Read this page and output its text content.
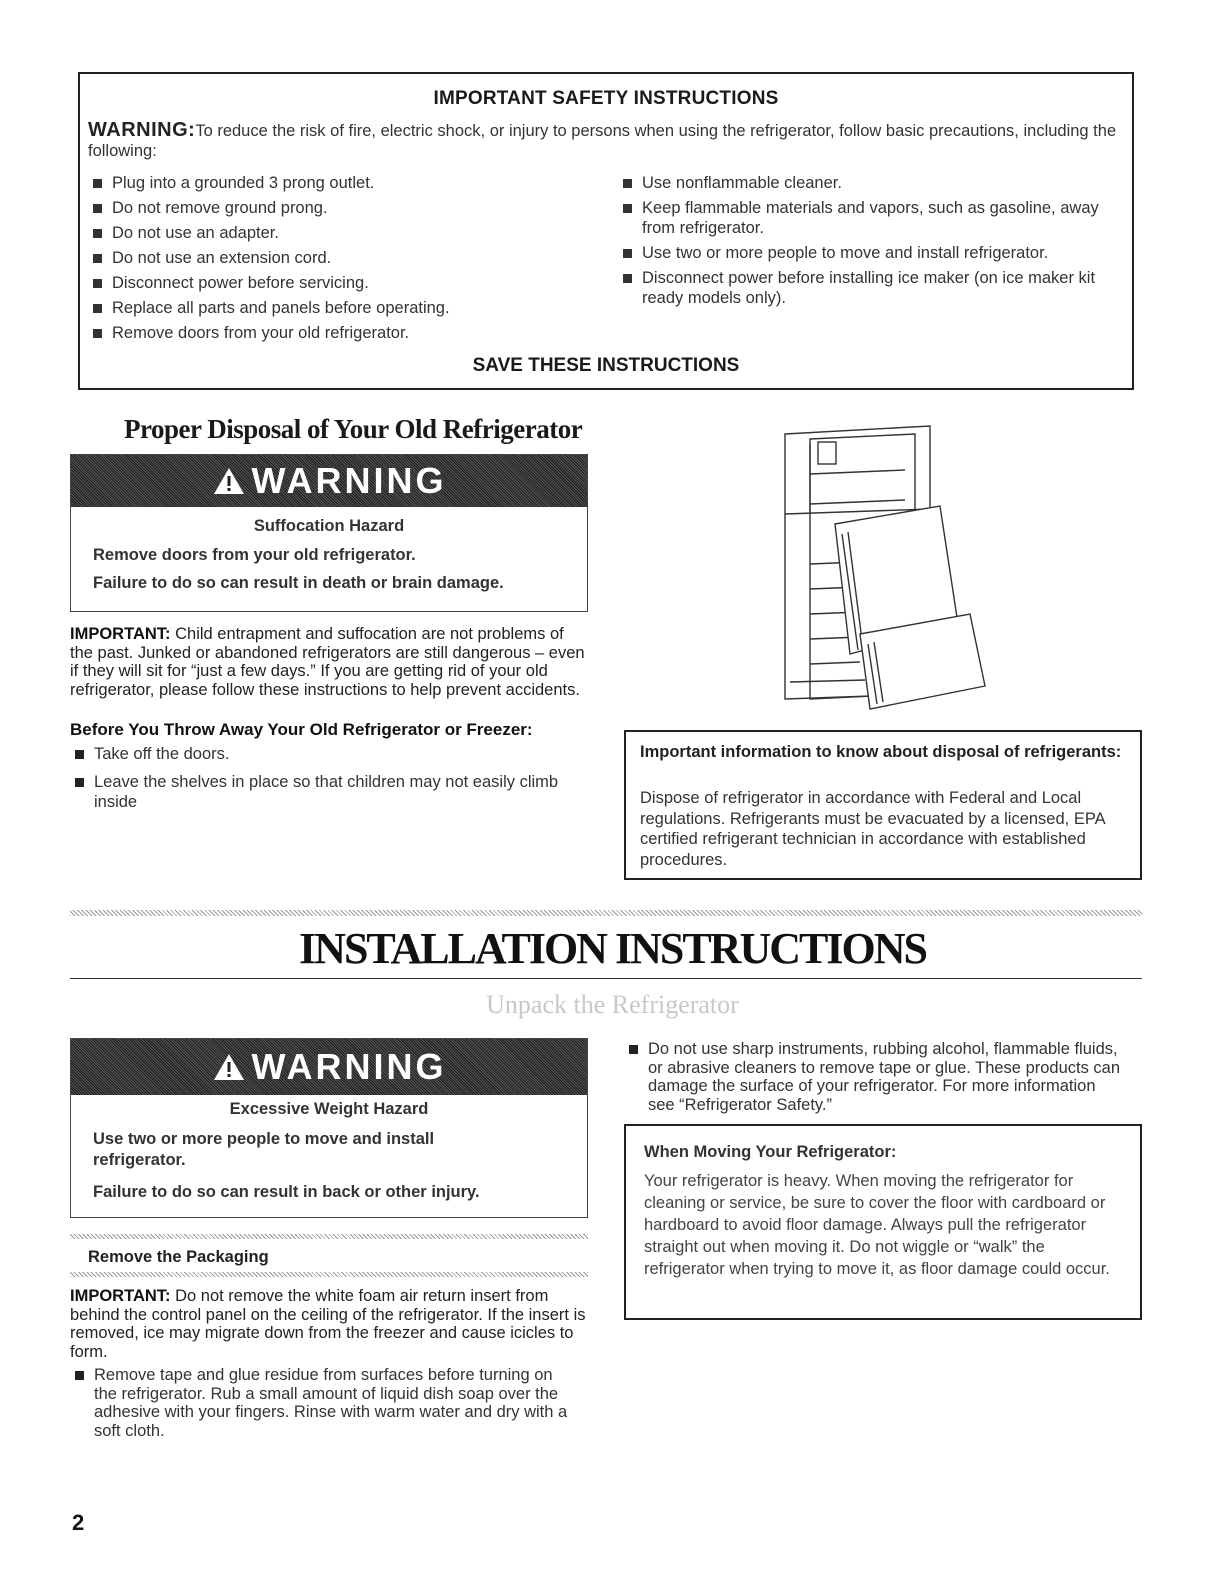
IMPORTANT SAFETY INSTRUCTIONS
WARNING:To reduce the risk of fire, electric shock, or injury to persons when using the refrigerator, follow basic precautions, including the following:
Plug into a grounded 3 prong outlet.
Do not remove ground prong.
Do not use an adapter.
Do not use an extension cord.
Disconnect power before servicing.
Replace all parts and panels before operating.
Remove doors from your old refrigerator.
Use nonflammable cleaner.
Keep flammable materials and vapors, such as gasoline, away from refrigerator.
Use two or more people to move and install refrigerator.
Disconnect power before installing ice maker (on ice maker kit ready models only).
SAVE THESE INSTRUCTIONS
Proper Disposal of Your Old Refrigerator
WARNING
Suffocation Hazard
Remove doors from your old refrigerator.
Failure to do so can result in death or brain damage.
IMPORTANT: Child entrapment and suffocation are not problems of the past. Junked or abandoned refrigerators are still dangerous – even if they will sit for “just a few days.” If you are getting rid of your old refrigerator, please follow these instructions to help prevent accidents.
Before You Throw Away Your Old Refrigerator or Freezer:
Take off the doors.
Leave the shelves in place so that children may not easily climb inside
Important information to know about disposal of refrigerants:
Dispose of refrigerator in accordance with Federal and Local regulations. Refrigerants must be evacuated by a licensed, EPA certified refrigerant technician in accordance with established procedures.
INSTALLATION INSTRUCTIONS
Unpack the Refrigerator
WARNING
Excessive Weight Hazard
Use two or more people to move and install refrigerator.
Failure to do so can result in back or other injury.
Remove the Packaging
IMPORTANT: Do not remove the white foam air return insert from behind the control panel on the ceiling of the refrigerator. If the insert is removed, ice may migrate down from the freezer and cause icicles to form.
Remove tape and glue residue from surfaces before turning on the refrigerator. Rub a small amount of liquid dish soap over the adhesive with your fingers. Rinse with warm water and dry with a soft cloth.
Do not use sharp instruments, rubbing alcohol, flammable fluids, or abrasive cleaners to remove tape or glue. These products can damage the surface of your refrigerator. For more information see “Refrigerator Safety.”
When Moving Your Refrigerator:
Your refrigerator is heavy. When moving the refrigerator for cleaning or service, be sure to cover the floor with cardboard or hardboard to avoid floor damage. Always pull the refrigerator straight out when moving it. Do not wiggle or “walk” the refrigerator when trying to move it, as floor damage could occur.
2
